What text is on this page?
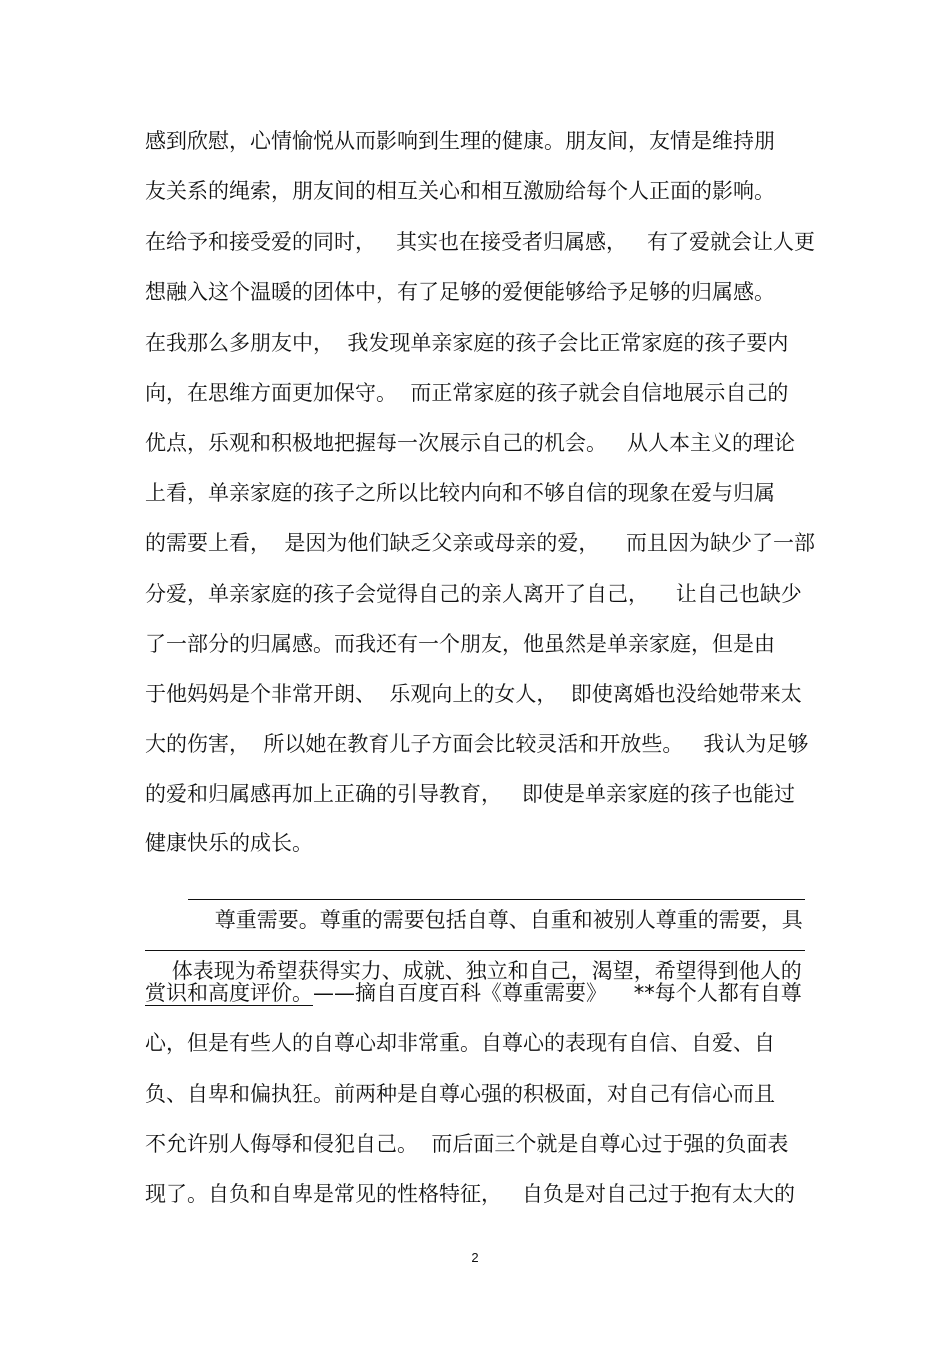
感到欣慰，心情愉悦从而影响到生理的健康。朋友间，友情是维持朋
友关系的绳索，朋友间的相互关心和相互激励给每个人正面的影响。
在给予和接受爱的同时，   其实也在接受者归属感，   有了爱就会让人更
想融入这个温暖的团体中，有了足够的爱便能够给予足够的归属感。
在我那么多朋友中，  我发现单亲家庭的孩子会比正常家庭的孩子要内
向，在思维方面更加保守。  而正常家庭的孩子就会自信地展示自己的
优点，乐观和积极地把握每一次展示自己的机会。   从人本主义的理论
上看，单亲家庭的孩子之所以比较内向和不够自信的现象在爱与归属
的需要上看，  是因为他们缺乏父亲或母亲的爱，    而且因为缺少了一部
分爱，单亲家庭的孩子会觉得自己的亲人离开了自己，    让自己也缺少
了一部分的归属感。而我还有一个朋友，他虽然是单亲家庭，但是由
于他妈妈是个非常开朗、  乐观向上的女人，  即使离婚也没给她带来太
大的伤害，  所以她在教育儿子方面会比较灵活和开放些。   我认为足够
的爱和归属感再加上正确的引导教育，   即使是单亲家庭的孩子也能过
健康快乐的成长。

尊重需要。尊重的需要包括自尊、自重和被别人尊重的需要，具

体表现为希望获得实力、成就、独立和自己，渴望，希望得到他人的

赏识和高度评价。——摘自百度百科《尊重需要》    **每个人都有自尊
心，但是有些人的自尊心却非常重。自尊心的表现有自信、自爱、自
负、自卑和偏执狂。前两种是自尊心强的积极面，对自己有信心而且
不允许别人侮辱和侵犯自己。  而后面三个就是自尊心过于强的负面表
现了。自负和自卑是常见的性格特征，   自负是对自己过于抱有太大的
2
